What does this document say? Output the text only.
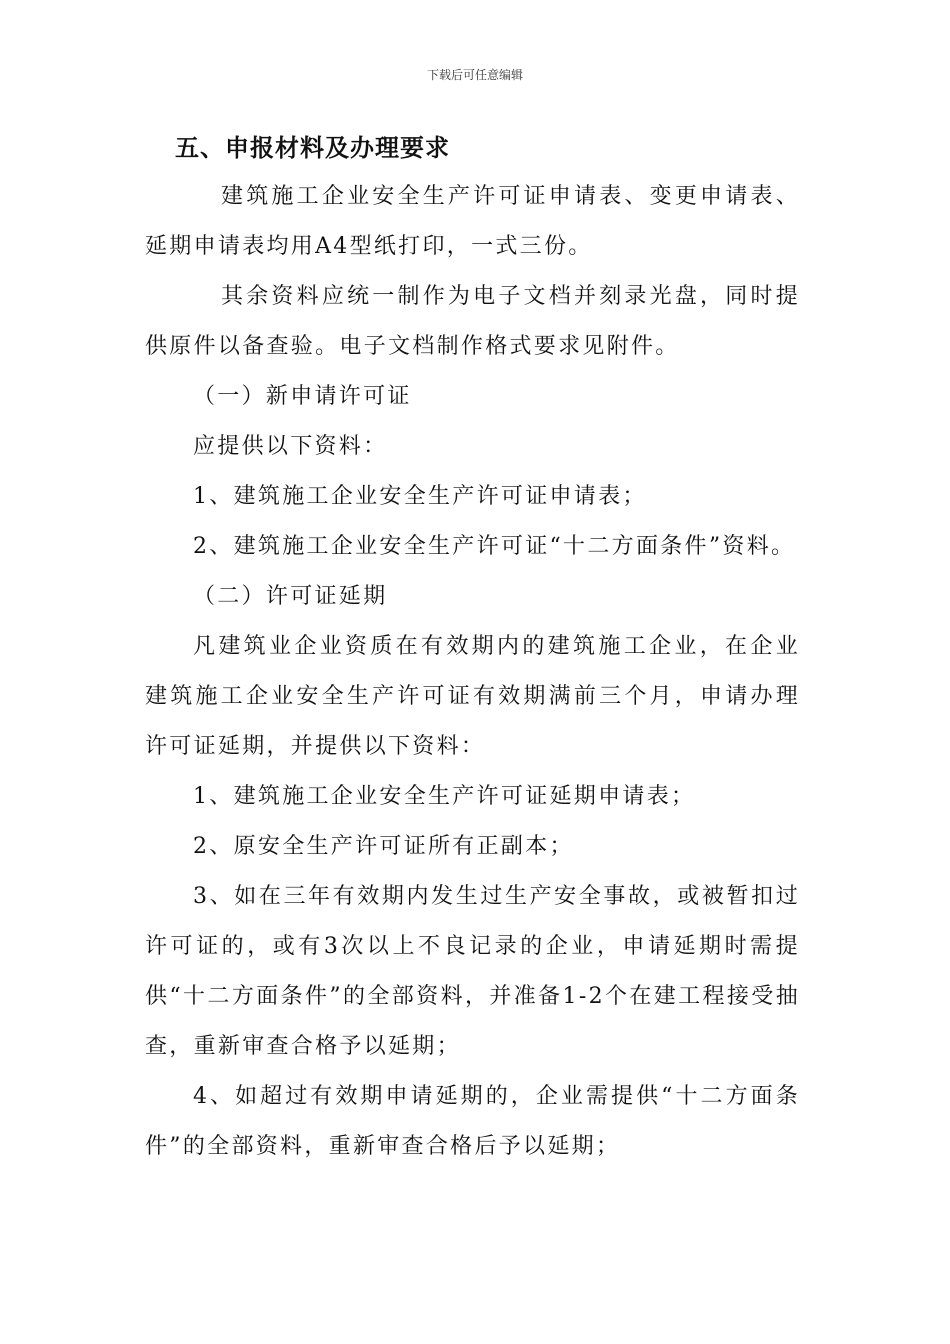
下载后可任意编辑
五、申报材料及办理要求

建筑施工企业安全生产许可证申请表、变更申请表、延期申请表均用A4型纸打印，一式三份。

其余资料应统一制作为电子文档并刻录光盘，同时提供原件以备查验。电子文档制作格式要求见附件。

（一）新申请许可证

应提供以下资料：

1、建筑施工企业安全生产许可证申请表；

2、建筑施工企业安全生产许可证“十二方面条件”资料。

（二）许可证延期

凡建筑业企业资质在有效期内的建筑施工企业，在企业建筑施工企业安全生产许可证有效期满前三个月，申请办理许可证延期，并提供以下资料：

1、建筑施工企业安全生产许可证延期申请表；

2、原安全生产许可证所有正副本；

3、如在三年有效期内发生过生产安全事故，或被暂扣过许可证的，或有3次以上不良记录的企业，申请延期时需提供“十二方面条件”的全部资料，并准备1-2个在建工程接受抽查，重新审查合格予以延期；

4、如超过有效期申请延期的，企业需提供“十二方面条件”的全部资料，重新审查合格后予以延期；
